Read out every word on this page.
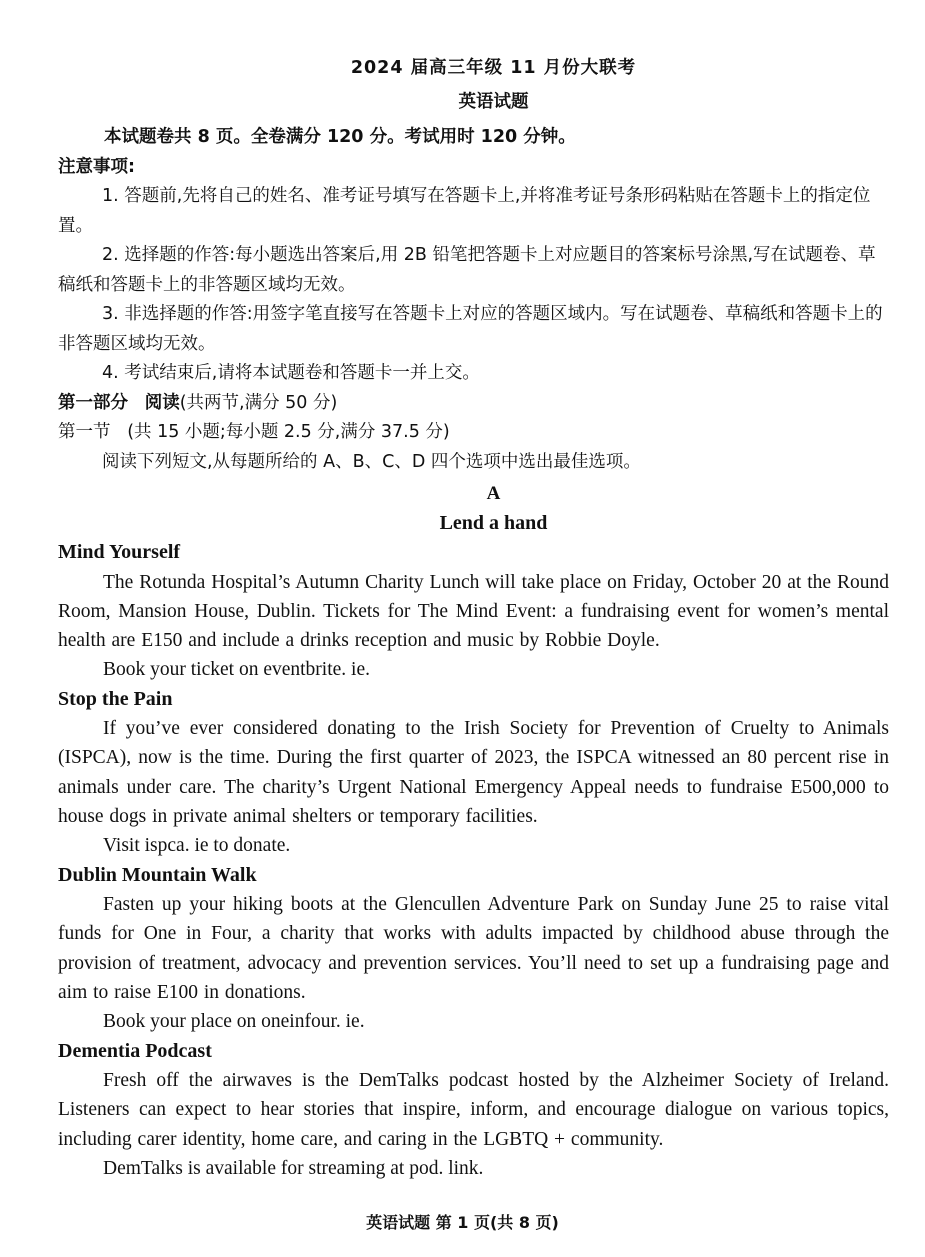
2024 届高三年级 11 月份大联考
英语试题
本试题卷共 8 页。全卷满分 120 分。考试用时 120 分钟。
注意事项:

1. 答题前,先将自己的姓名、准考证号填写在答题卡上,并将准考证号条形码粘贴在答题卡上的指定位置。

2. 选择题的作答:每小题选出答案后,用 2B 铅笔把答题卡上对应题目的答案标号涂黑,写在试题卷、草稿纸和答题卡上的非答题区域均无效。

3. 非选择题的作答:用签字笔直接写在答题卡上对应的答题区域内。写在试题卷、草稿纸和答题卡上的非答题区域均无效。

4. 考试结束后,请将本试题卷和答题卡一并上交。

第一部分 阅读(共两节,满分 50 分)

第一节 (共 15 小题;每小题 2.5 分,满分 37.5 分)

阅读下列短文,从每题所给的 A、B、C、D 四个选项中选出最佳选项。

A
Lend a hand

Mind Yourself

The Rotunda Hospital’s Autumn Charity Lunch will take place on Friday, October 20 at the Round Room, Mansion House, Dublin. Tickets for The Mind Event: a fundraising event for women’s mental health are E150 and include a drinks reception and music by Robbie Doyle.

Book your ticket on eventbrite. ie.

Stop the Pain

If you’ve ever considered donating to the Irish Society for Prevention of Cruelty to Animals (ISPCA), now is the time. During the first quarter of 2023, the ISPCA witnessed an 80 percent rise in animals under care. The charity’s Urgent National Emergency Appeal needs to fundraise E500,000 to house dogs in private animal shelters or temporary facilities.

Visit ispca. ie to donate.

Dublin Mountain Walk

Fasten up your hiking boots at the Glencullen Adventure Park on Sunday June 25 to raise vital funds for One in Four, a charity that works with adults impacted by childhood abuse through the provision of treatment, advocacy and prevention services. You’ll need to set up a fundraising page and aim to raise E100 in donations.

Book your place on oneinfour. ie.

Dementia Podcast

Fresh off the airwaves is the DemTalks podcast hosted by the Alzheimer Society of Ireland. Listeners can expect to hear stories that inspire, inform, and encourage dialogue on various topics, including carer identity, home care, and caring in the LGBTQ + community.

DemTalks is available for streaming at pod. link.

英语试题 第 1 页(共 8 页)
